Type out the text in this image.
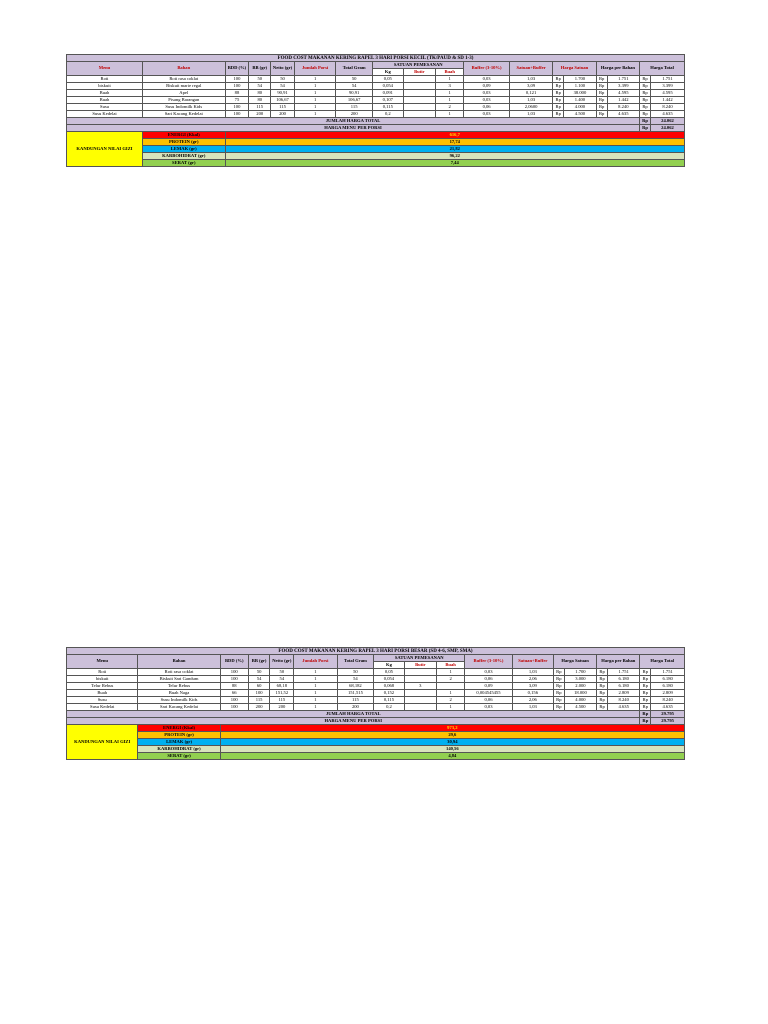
FOOD COST MAKANAN KERING RAPEL 3 HARI PORSI KECIL (TK/PAUD & SD 1-3)																	
Menu	Bahan	BDD (%)	BB (gr)	Netto (gr)	Jumlah Porsi	Total Gram	SATUAN PEMESANAN			Buffer (3-10%)	Satuan+Buffer	Harga Satuan		Harga per Bahan		Harga Total	
							Kg	Butir	Buah								
Roti	Roti rasa coklat	100	50	50	1	50	0,05		1	0,03	1,03	Rp	1.700	Rp	1.751	Rp	1.751
biskuit	Biskuit marie regal	100	54	54	1	54	0,054		3	0,09	3,09	Rp	1.100	Rp	3.399	Rp	3.399
Buah	Apel	88	80	90,91	1	90,91	0,091		1	0,03	0,121	Rp	38.000	Rp	4.595	Rp	4.595
Buah	Pisang Barangan	75	80	106,67	1	106,67	0,107		1	0,03	1,03	Rp	1.400	Rp	1.442	Rp	1.442
Susu	Susu Indomilk Kids	100	115	115	1	115	0,115		2	0,06	2,0600	Rp	4.000	Rp	8.240	Rp	8.240
Susu Kedelai	Sari Kacang Kedelai	100	200	200	1	200	0,2		1	0,03	1,03	Rp	4.500	Rp	4.635	Rp	4.635
JUMLAH HARGA TOTAL																Rp	24.062
HARGA MENU PER PORSI																Rp	24.062
KANDUNGAN NILAI GIZI	ENERGI (Kkal)	616,7															
	PROTEIN (gr)	17,74															
	LEMAK (gr)	21,82															
	KARBOHIDRAT (gr)	96,22															
	SERAT (gr)	7,44															
FOOD COST MAKANAN KERING RAPEL 3 HARI PORSI BESAR (SD 4-6, SMP, SMA)																	
Menu	Bahan	BDD (%)	BB (gr)	Netto (gr)	Jumlah Porsi	Total Gram	SATUAN PEMESANAN			Buffer (3-10%)	Satuan+Buffer	Harga Satuan		Harga per Bahan		Harga Total	
							Kg	Butir	Buah								
Roti	Roti rasa coklat	100	50	50	1	50	0,05		1	0,03	1,03	Rp	1.700	Rp	1.751	Rp	1.751
biskuit	Biskuit Sari Gandum	100	54	54	1	54	0,054		2	0,06	2,06	Rp	3.000	Rp	6.180	Rp	6.180
Telur Rebus	Telur Rebus	88	60	68,18	1	68,182	0,068	3		0,09	3,09	Rp	2.000	Rp	6.180	Rp	6.180
Buah	Buah Naga	66	100	151,52	1	151,515	0,152		1	0,004545455	0,156	Rp	18.000	Rp	2.809	Rp	2.809
Susu	Susu Indomilk Kids	100	115	115	1	115	0,115		2	0,06	2,06	Rp	4.000	Rp	8.240	Rp	8.240
Susu Kedelai	Sari Kacang Kedelai	100	200	200	1	200	0,2		1	0,03	1,03	Rp	4.500	Rp	4.635	Rp	4.635
JUMLAH HARGA TOTAL																Rp	29.795
HARGA MENU PER PORSI																Rp	29.795
KANDUNGAN NILAI GIZI	ENERGI (Kkal)	973,2															
	PROTEIN (gr)	29,6															
	LEMAK (gr)	30,94															
	KARBOHIDRAT (gr)	140,56															
	SERAT (gr)	4,84															
